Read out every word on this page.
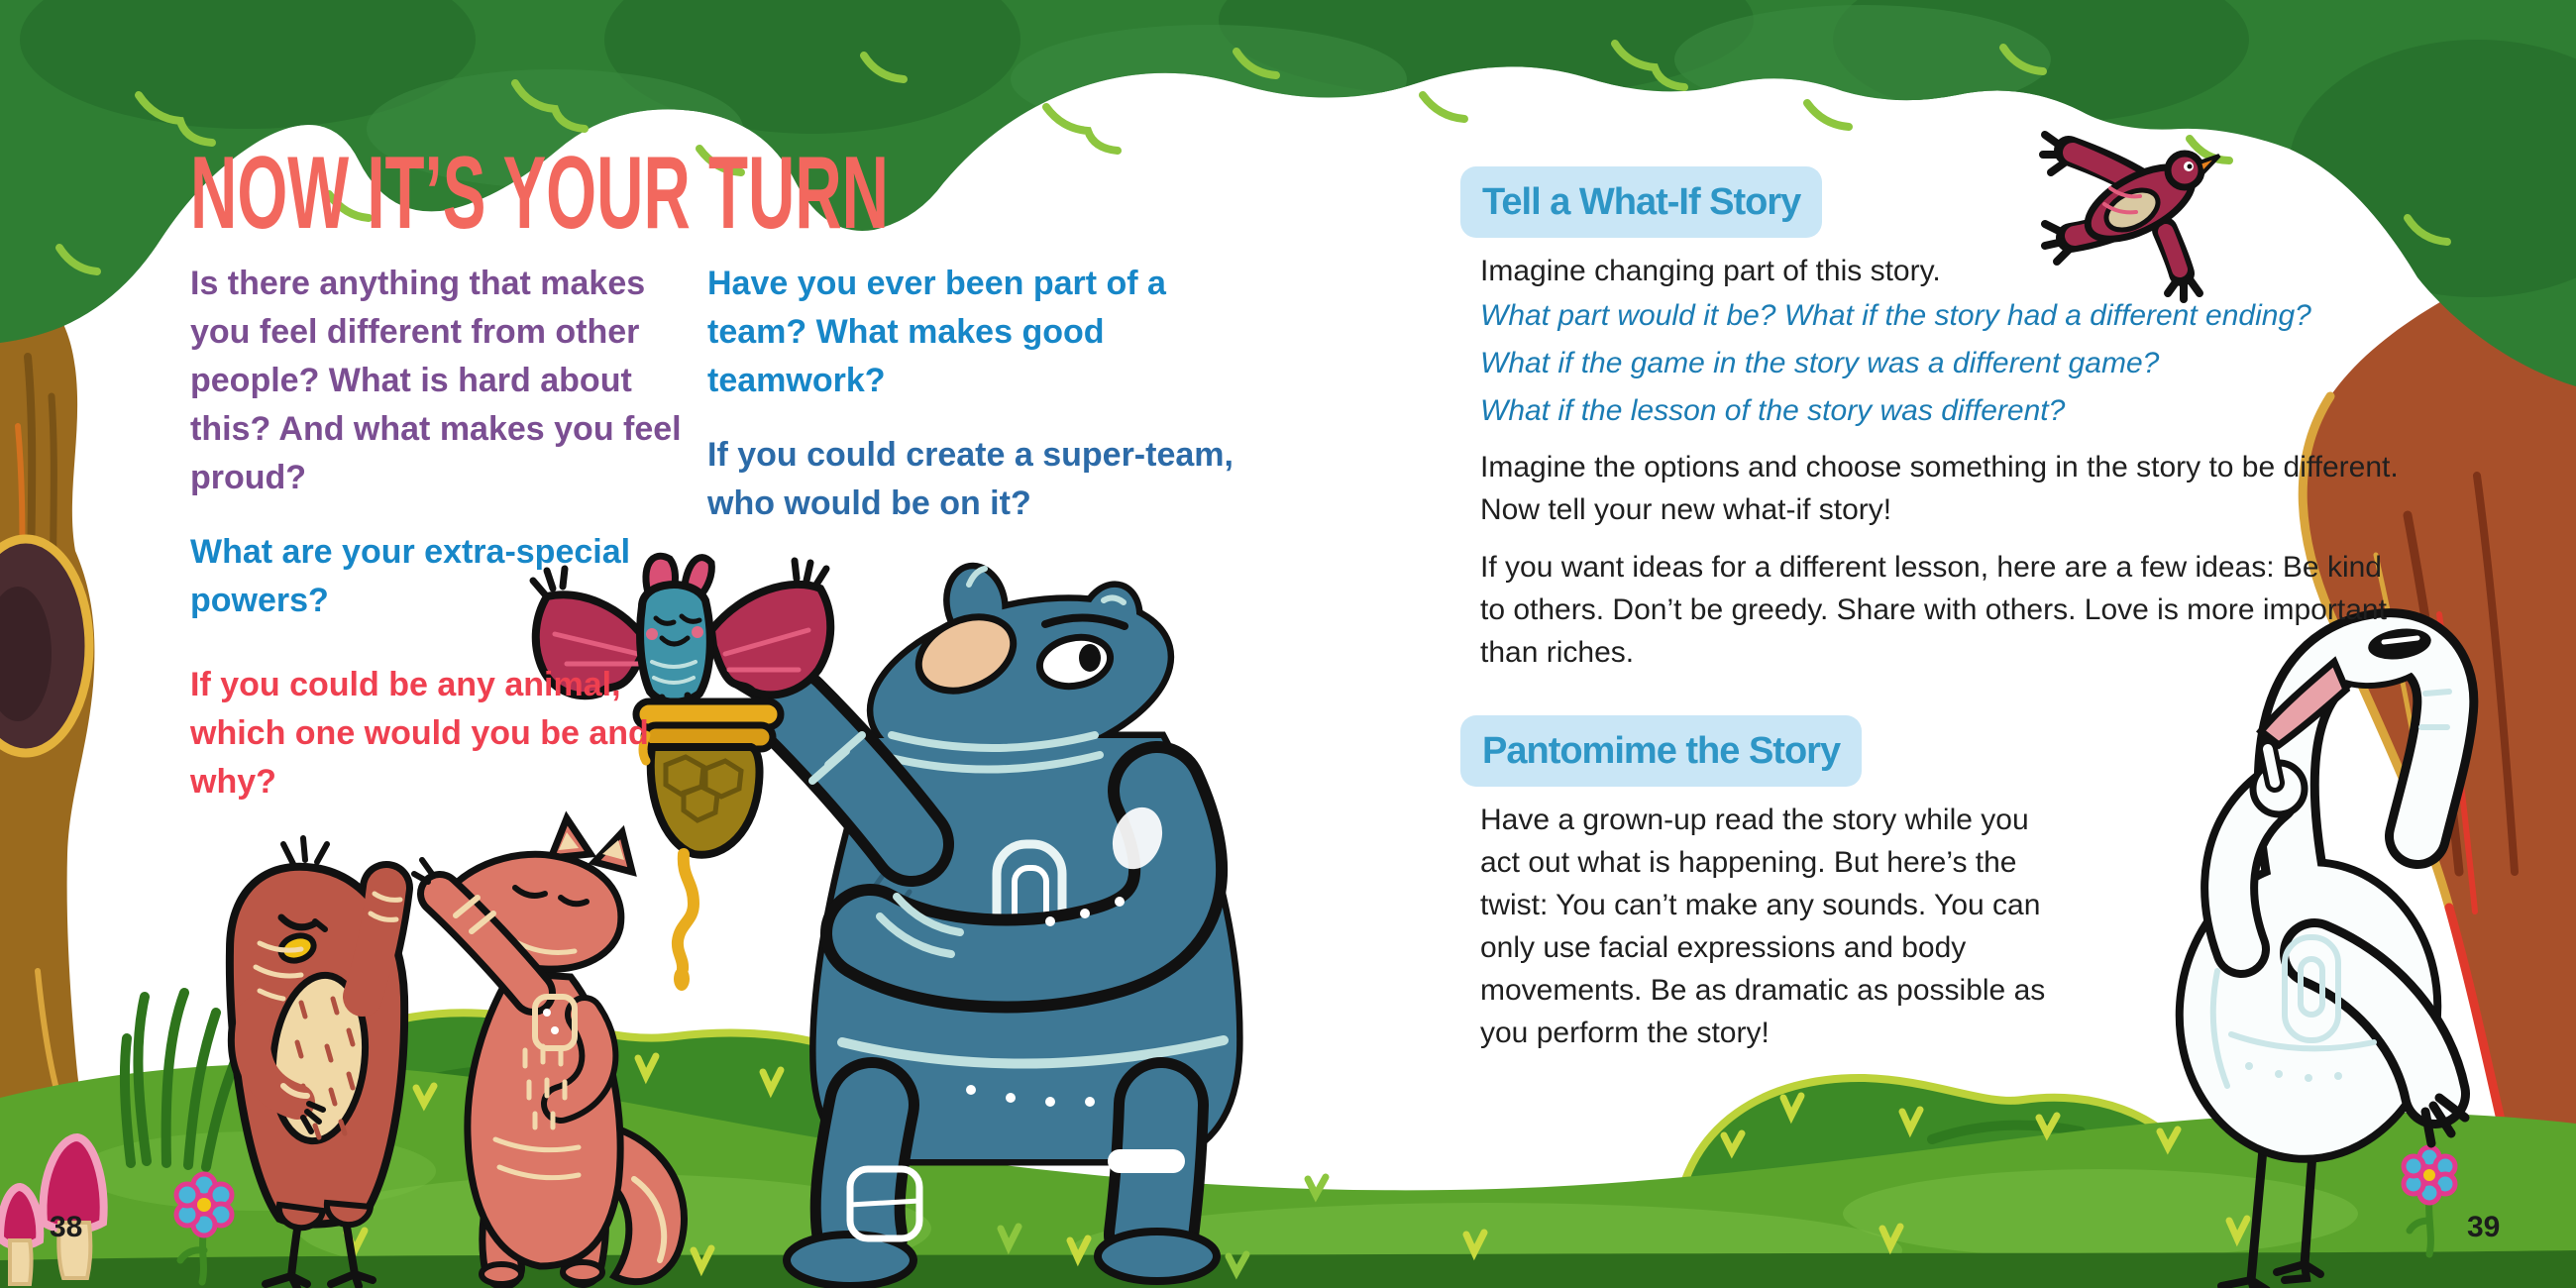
NOW IT’S YOUR TURN

Is there anything that makes you feel different from other people? What is hard about this? And what makes you feel proud?

What are your extra-special powers?

If you could be any animal, which one would you be and why?

Have you ever been part of a team? What makes good teamwork?

If you could create a super-team, who would be on it?

38
Tell a What-If Story

Imagine changing part of this story.

What part would it be? What if the story had a different ending?

What if the game in the story was a different game?

What if the lesson of the story was different?

Imagine the options and choose something in the story to be different. Now tell your new what-if story!

If you want ideas for a different lesson, here are a few ideas: Be kind to others. Don’t be greedy. Share with others. Love is more important than riches.

Pantomime the Story

Have a grown-up read the story while you act out what is happening. But here’s the twist: You can’t make any sounds. You can only use facial expressions and body movements. Be as dramatic as possible as you perform the story!

39
